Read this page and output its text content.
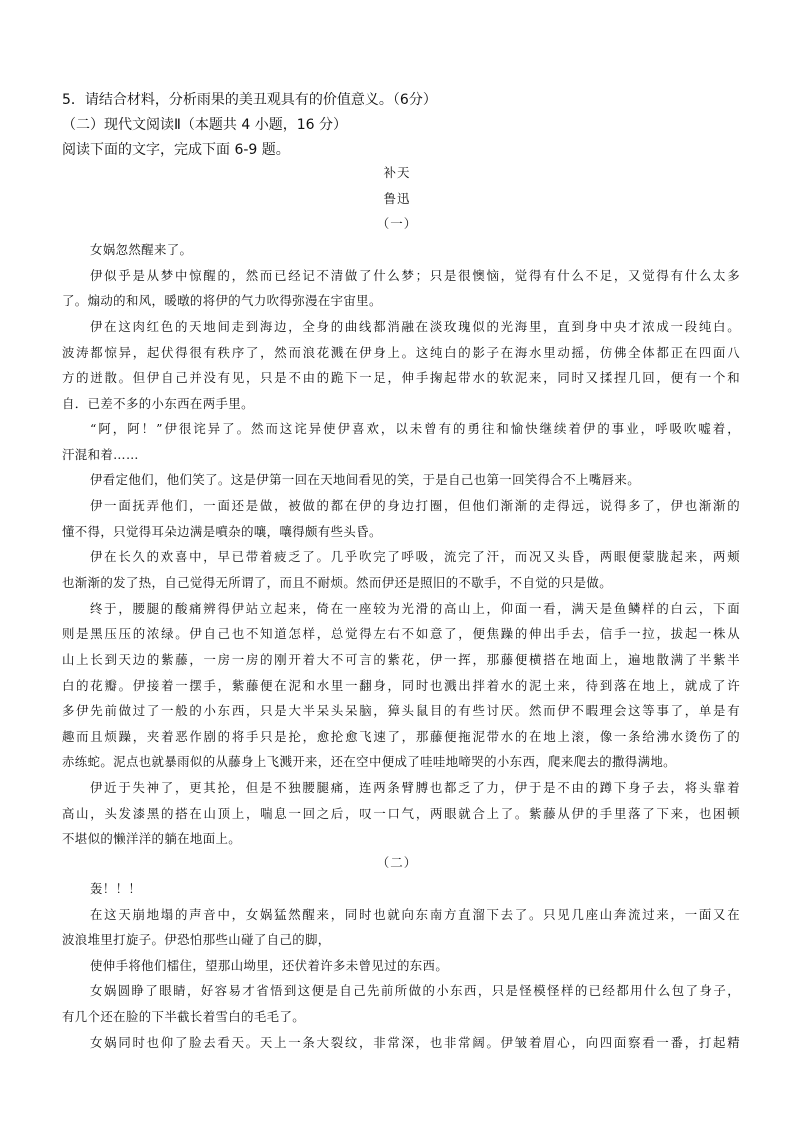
5．请结合材料，分析雨果的美丑观具有的价值意义。（6分）
（二）现代文阅读Ⅱ（本题共 4 小题，16 分）
阅读下面的文字，完成下面 6-9 题。
补天
鲁迅
（一）
女娲忽然醒来了。
伊似乎是从梦中惊醒的，然而已经记不清做了什么梦；只是很懊恼，觉得有什么不足，又觉得有什么太多
了。煽动的和风，暖暾的将伊的气力吹得弥漫在宇宙里。
伊在这肉红色的天地间走到海边，全身的曲线都消融在淡玫瑰似的光海里，直到身中央才浓成一段纯白。
波涛都惊异，起伏得很有秩序了，然而浪花溅在伊身上。这纯白的影子在海水里动摇，仿佛全体都正在四面八
方的迸散。但伊自己并没有见，只是不由的跪下一足，伸手掬起带水的软泥来，同时又揉捏几回，便有一个和
自．已差不多的小东西在两手里。
“阿，阿！”伊很诧异了。然而这诧异使伊喜欢，以未曾有的勇往和愉快继续着伊的事业，呼吸吹嘘着，
汗混和着……
伊看定他们，他们笑了。这是伊第一回在天地间看见的笑，于是自己也第一回笑得合不上嘴唇来。
伊一面抚弄他们，一面还是做，被做的都在伊的身边打圈，但他们渐渐的走得远，说得多了，伊也渐渐的
懂不得，只觉得耳朵边满是噴杂的嚷，嚷得颇有些头昏。
伊在长久的欢喜中，早已带着疲乏了。几乎吹完了呼吸，流完了汗，而况又头昏，两眼便蒙胧起来，两颊
也渐渐的发了热，自己觉得无所谓了，而且不耐烦。然而伊还是照旧的不歇手，不自觉的只是做。
终于，腰腿的酸痛辨得伊站立起来，倚在一座较为光滑的高山上，仰面一看，满天是鱼鳞样的白云，下面
则是黑压压的浓绿。伊自己也不知道怎样，总觉得左右不如意了，便焦躁的伸出手去，信手一拉，拔起一株从
山上长到天边的紫藤，一房一房的刚开着大不可言的紫花，伊一挥，那藤便横搭在地面上，遍地散满了半紫半
白的花瓣。伊接着一摆手，紫藤便在泥和水里一翻身，同时也溅出拌着水的泥土来，待到落在地上，就成了许
多伊先前做过了一般的小东西，只是大半呆头呆脑，獐头鼠目的有些讨厌。然而伊不暇理会这等事了，单是有
趣而且烦躁，夹着恶作剧的将手只是抡，愈抡愈飞速了，那藤便拖泥带水的在地上滚，像一条给沸水烫伤了的
赤练蛇。泥点也就暴雨似的从藤身上飞溅开来，还在空中便成了哇哇地啼哭的小东西，爬来爬去的撒得满地。
伊近于失神了，更其抡，但是不独腰腿痛，连两条臂膊也都乏了力，伊于是不由的蹲下身子去，将头靠着
高山，头发漆黑的搭在山顶上，喘息一回之后，叹一口气，两眼就合上了。紫藤从伊的手里落了下来，也困顿
不堪似的懒洋洋的躺在地面上。
（二）
轰！！！
在这天崩地塌的声音中，女娲猛然醒来，同时也就向东南方直溜下去了。只见几座山奔流过来，一面又在
波浪堆里打旋子。伊恐怕那些山碰了自己的脚，
使伸手将他们檑住，望那山坳里，还伏着许多未曾见过的东西。
女娲圆睁了眼睛，好容易才省悟到这便是自己先前所做的小东西，只是怪模怪样的已经都用什么包了身子，
有几个还在脸的下半截长着雪白的毛毛了。
女娲同时也仰了脸去看天。天上一条大裂纹，非常深，也非常阔。伊皱着眉心，向四面察看一番，打起精
